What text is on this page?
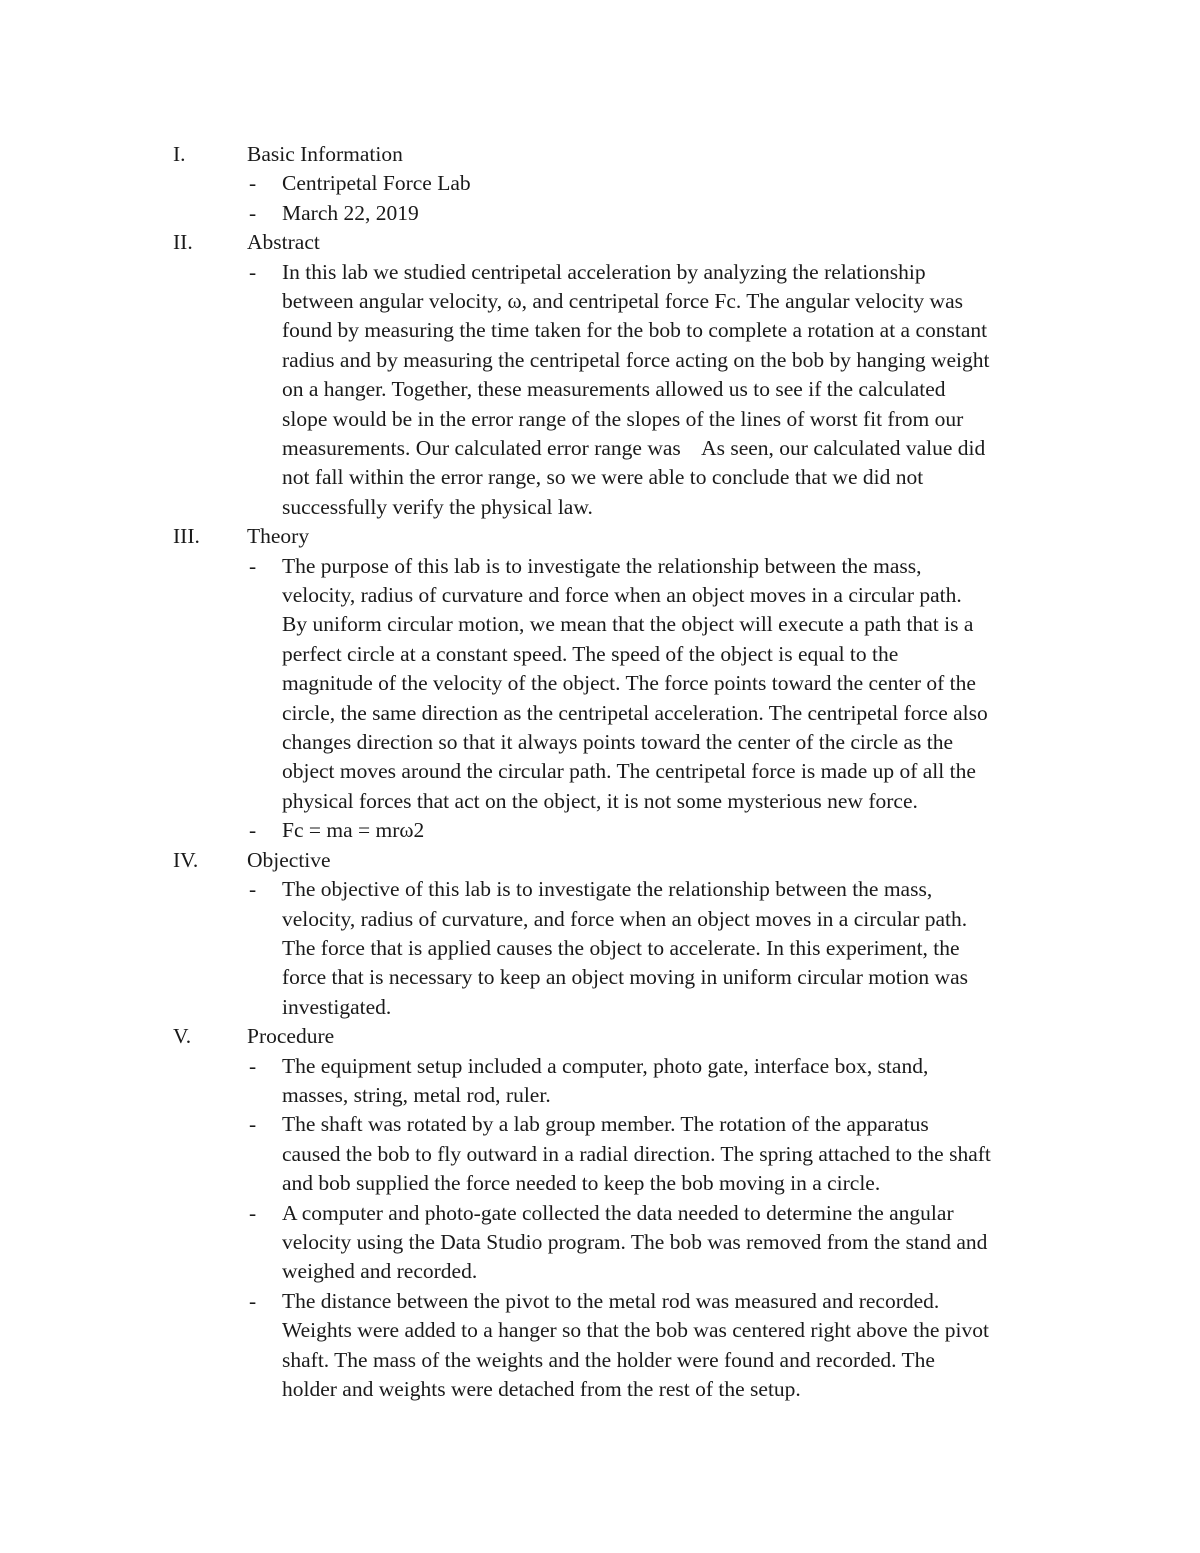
I.	Basic Information
- Centripetal Force Lab
- March 22, 2019
II.	Abstract
- In this lab we studied centripetal acceleration by analyzing the relationship
between angular velocity, ω, and centripetal force Fc. The angular velocity was
found by measuring the time taken for the bob to complete a rotation at a constant
radius and by measuring the centripetal force acting on the bob by hanging weight
on a hanger. Together, these measurements allowed us to see if the calculated
slope would be in the error range of the slopes of the lines of worst fit from our
measurements. Our calculated error range was    As seen, our calculated value did
not fall within the error range, so we were able to conclude that we did not
successfully verify the physical law.
III. Theory
- The purpose of this lab is to investigate the relationship between the mass,
velocity, radius of curvature and force when an object moves in a circular path.
By uniform circular motion, we mean that the object will execute a path that is a
perfect circle at a constant speed. The speed of the object is equal to the
magnitude of the velocity of the object. The force points toward the center of the
circle, the same direction as the centripetal acceleration. The centripetal force also
changes direction so that it always points toward the center of the circle as the
object moves around the circular path. The centripetal force is made up of all the
physical forces that act on the object, it is not some mysterious new force.
- Fc = ma = mrω2
IV. Objective
- The objective of this lab is to investigate the relationship between the mass,
velocity, radius of curvature, and force when an object moves in a circular path.
The force that is applied causes the object to accelerate. In this experiment, the
force that is necessary to keep an object moving in uniform circular motion was
investigated.
V.	Procedure
- The equipment setup included a computer, photo gate, interface box, stand,
masses, string, metal rod, ruler.
- The shaft was rotated by a lab group member. The rotation of the apparatus
caused the bob to fly outward in a radial direction. The spring attached to the shaft
and bob supplied the force needed to keep the bob moving in a circle.
- A computer and photo-gate collected the data needed to determine the angular
velocity using the Data Studio program. The bob was removed from the stand and
weighed and recorded.
- The distance between the pivot to the metal rod was measured and recorded.
Weights were added to a hanger so that the bob was centered right above the pivot
shaft. The mass of the weights and the holder were found and recorded. The
holder and weights were detached from the rest of the setup.
